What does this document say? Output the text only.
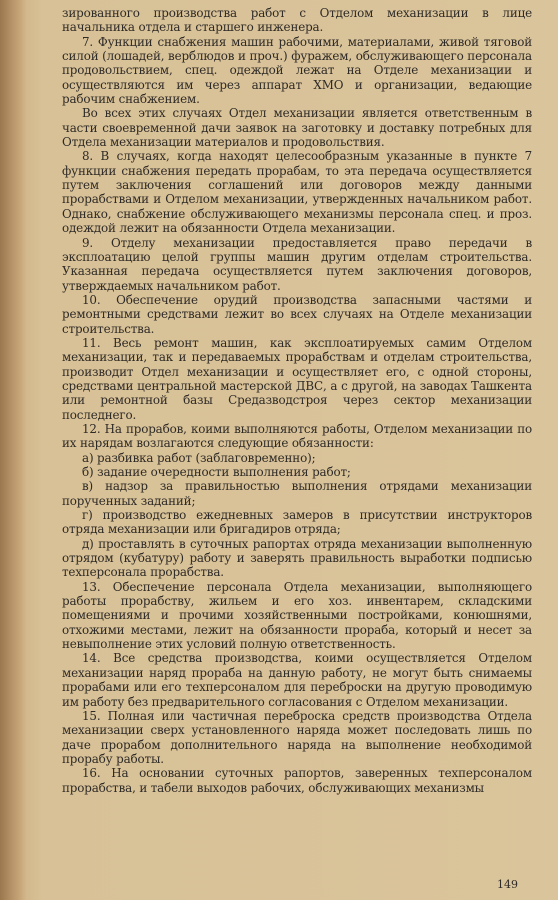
зированного производства работ с Отделом механизации в лице начальника отдела и старшего инженера.

7. Функции снабжения машин рабочими, материалами, живой тяговой силой (лошадей, верблюдов и проч.) фуражем, обслуживающего персонала продовольствием, спец. одеждой лежат на Отделе механизации и осуществляются им через аппарат ХМО и организации, ведающие рабочим снабжением.

Во всех этих случаях Отдел механизации является ответственным в части своевременной дачи заявок на заготовку и доставку потребных для Отдела механизации материалов и продовольствия.

8. В случаях, когда находят целесообразным указанные в пункте 7 функции снабжения передать прорабам, то эта передача осуществляется путем заключения соглашений или договоров между данными прорабствами и Отделом механизации, утвержденных начальником работ. Однако, снабжение обслуживающего механизмы персонала спец. и проз. одеждой лежит на обязанности Отдела механизации.

9. Отделу механизации предоставляется право передачи в эксплоатацию целой группы машин другим отделам строительства. Указанная передача осуществляется путем заключения договоров, утверждаемых начальником работ.

10. Обеспечение орудий производства запасными частями и ремонтными средствами лежит во всех случаях на Отделе механизации строительства.

11. Весь ремонт машин, как эксплоатируемых самим Отделом механизации, так и передаваемых прорабствам и отделам строительства, производит Отдел механизации и осуществляет его, с одной стороны, средствами центральной мастерской ДВС, а с другой, на заводах Ташкента или ремонтной базы Средазводстроя через сектор механизации последнего.

12. На прорабов, коими выполняются работы, Отделом механизации по их нарядам возлагаются следующие обязанности:

а) разбивка работ (заблаговременно);

б) задание очередности выполнения работ;

в) надзор за правильностью выполнения отрядами механизации порученных заданий;

г) производство ежедневных замеров в присутствии инструкторов отряда механизации или бригадиров отряда;

д) проставлять в суточных рапортах отряда механизации выполненную отрядом (кубатуру) работу и заверять правильность выработки подписью техперсонала прорабства.

13. Обеспечение персонала Отдела механизации, выполняющего работы прорабству, жильем и его хоз. инвентарем, складскими помещениями и прочими хозяйственными постройками, конюшнями, отхожими местами, лежит на обязанности прораба, который и несет за невыполнение этих условий полную ответственность.

14. Все средства производства, коими осуществляется Отделом механизации наряд прораба на данную работу, не могут быть снимаемы прорабами или его техперсоналом для переброски на другую проводимую им работу без предварительного согласования с Отделом механизации.

15. Полная или частичная переброска средств производства Отдела механизации сверх установленного наряда может последовать лишь по даче прорабом дополнительного наряда на выполнение необходимой прорабу работы.

16. На основании суточных рапортов, заверенных техперсоналом прорабства, и табели выходов рабочих, обслуживающих механизмы

149
